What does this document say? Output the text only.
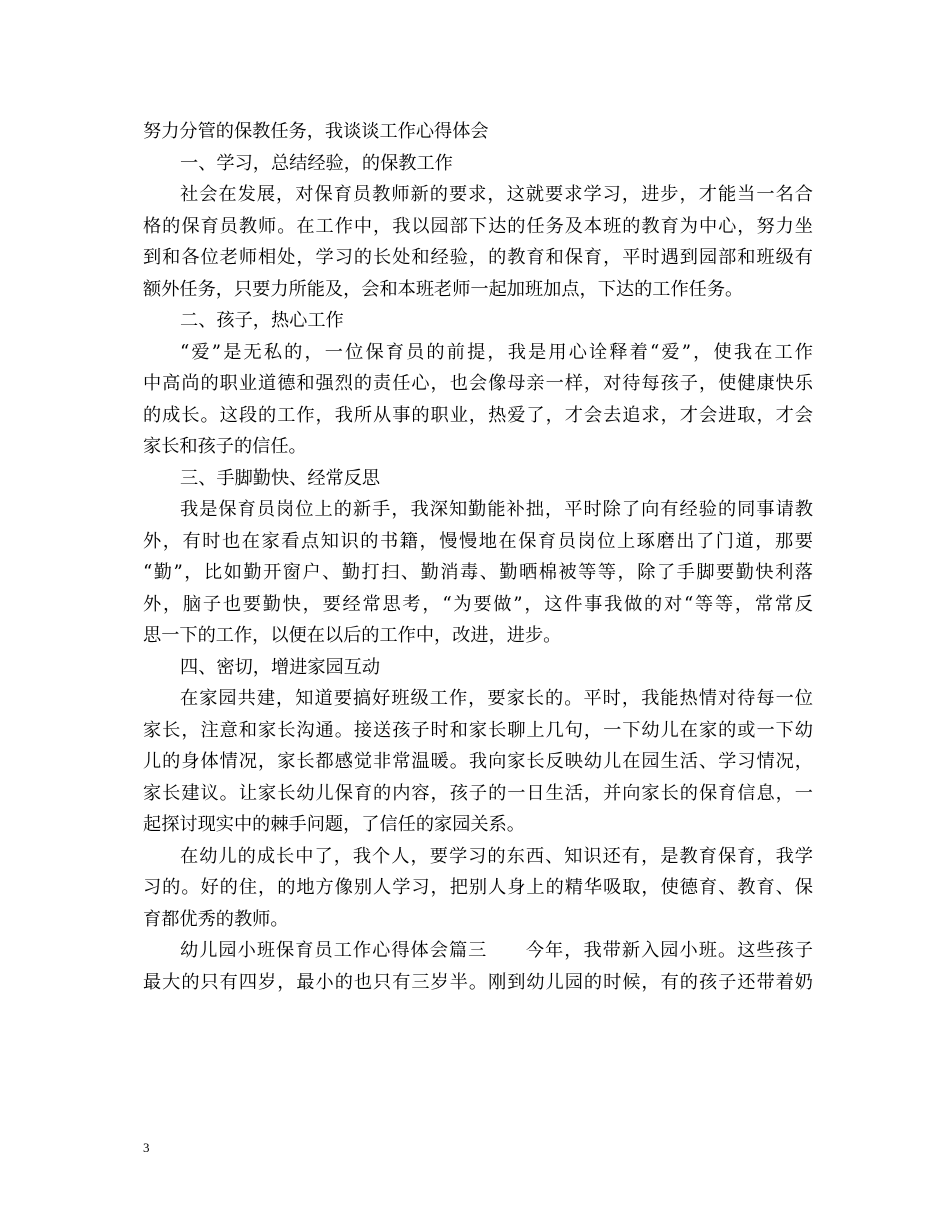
努力分管的保教任务，我谈谈工作心得体会
一、学习，总结经验，的保教工作
社会在发展，对保育员教师新的要求，这就要求学习，进步，才能当一名合
格的保育员教师。在工作中，我以园部下达的任务及本班的教育为中心，努力坐
到和各位老师相处，学习的长处和经验，的教育和保育，平时遇到园部和班级有
额外任务，只要力所能及，会和本班老师一起加班加点，下达的工作任务。
二、孩子，热心工作
“爱”是无私的，一位保育员的前提，我是用心诠释着“爱”，使我在工作
中高尚的职业道德和强烈的责任心，也会像母亲一样，对待每孩子，使健康快乐
的成长。这段的工作，我所从事的职业，热爱了，才会去追求，才会进取，才会
家长和孩子的信任。
三、手脚勤快、经常反思
我是保育员岗位上的新手，我深知勤能补拙，平时除了向有经验的同事请教
外，有时也在家看点知识的书籍，慢慢地在保育员岗位上琢磨出了门道，那要
“勤”，比如勤开窗户、勤打扫、勤消毒、勤晒棉被等等，除了手脚要勤快利落
外，脑子也要勤快，要经常思考，“为要做”，这件事我做的对“等等，常常反
思一下的工作，以便在以后的工作中，改进，进步。
四、密切，增进家园互动
在家园共建，知道要搞好班级工作，要家长的。平时，我能热情对待每一位
家长，注意和家长沟通。接送孩子时和家长聊上几句，一下幼儿在家的或一下幼
儿的身体情况，家长都感觉非常温暖。我向家长反映幼儿在园生活、学习情况，
家长建议。让家长幼儿保育的内容，孩子的一日生活，并向家长的保育信息，一
起探讨现实中的棘手问题，了信任的家园关系。
在幼儿的成长中了，我个人，要学习的东西、知识还有，是教育保育，我学
习的。好的住，的地方像别人学习，把别人身上的精华吸取，使德育、教育、保
育都优秀的教师。
幼儿园小班保育员工作心得体会篇三　　今年，我带新入园小班。这些孩子
最大的只有四岁，最小的也只有三岁半。刚到幼儿园的时候，有的孩子还带着奶
3
